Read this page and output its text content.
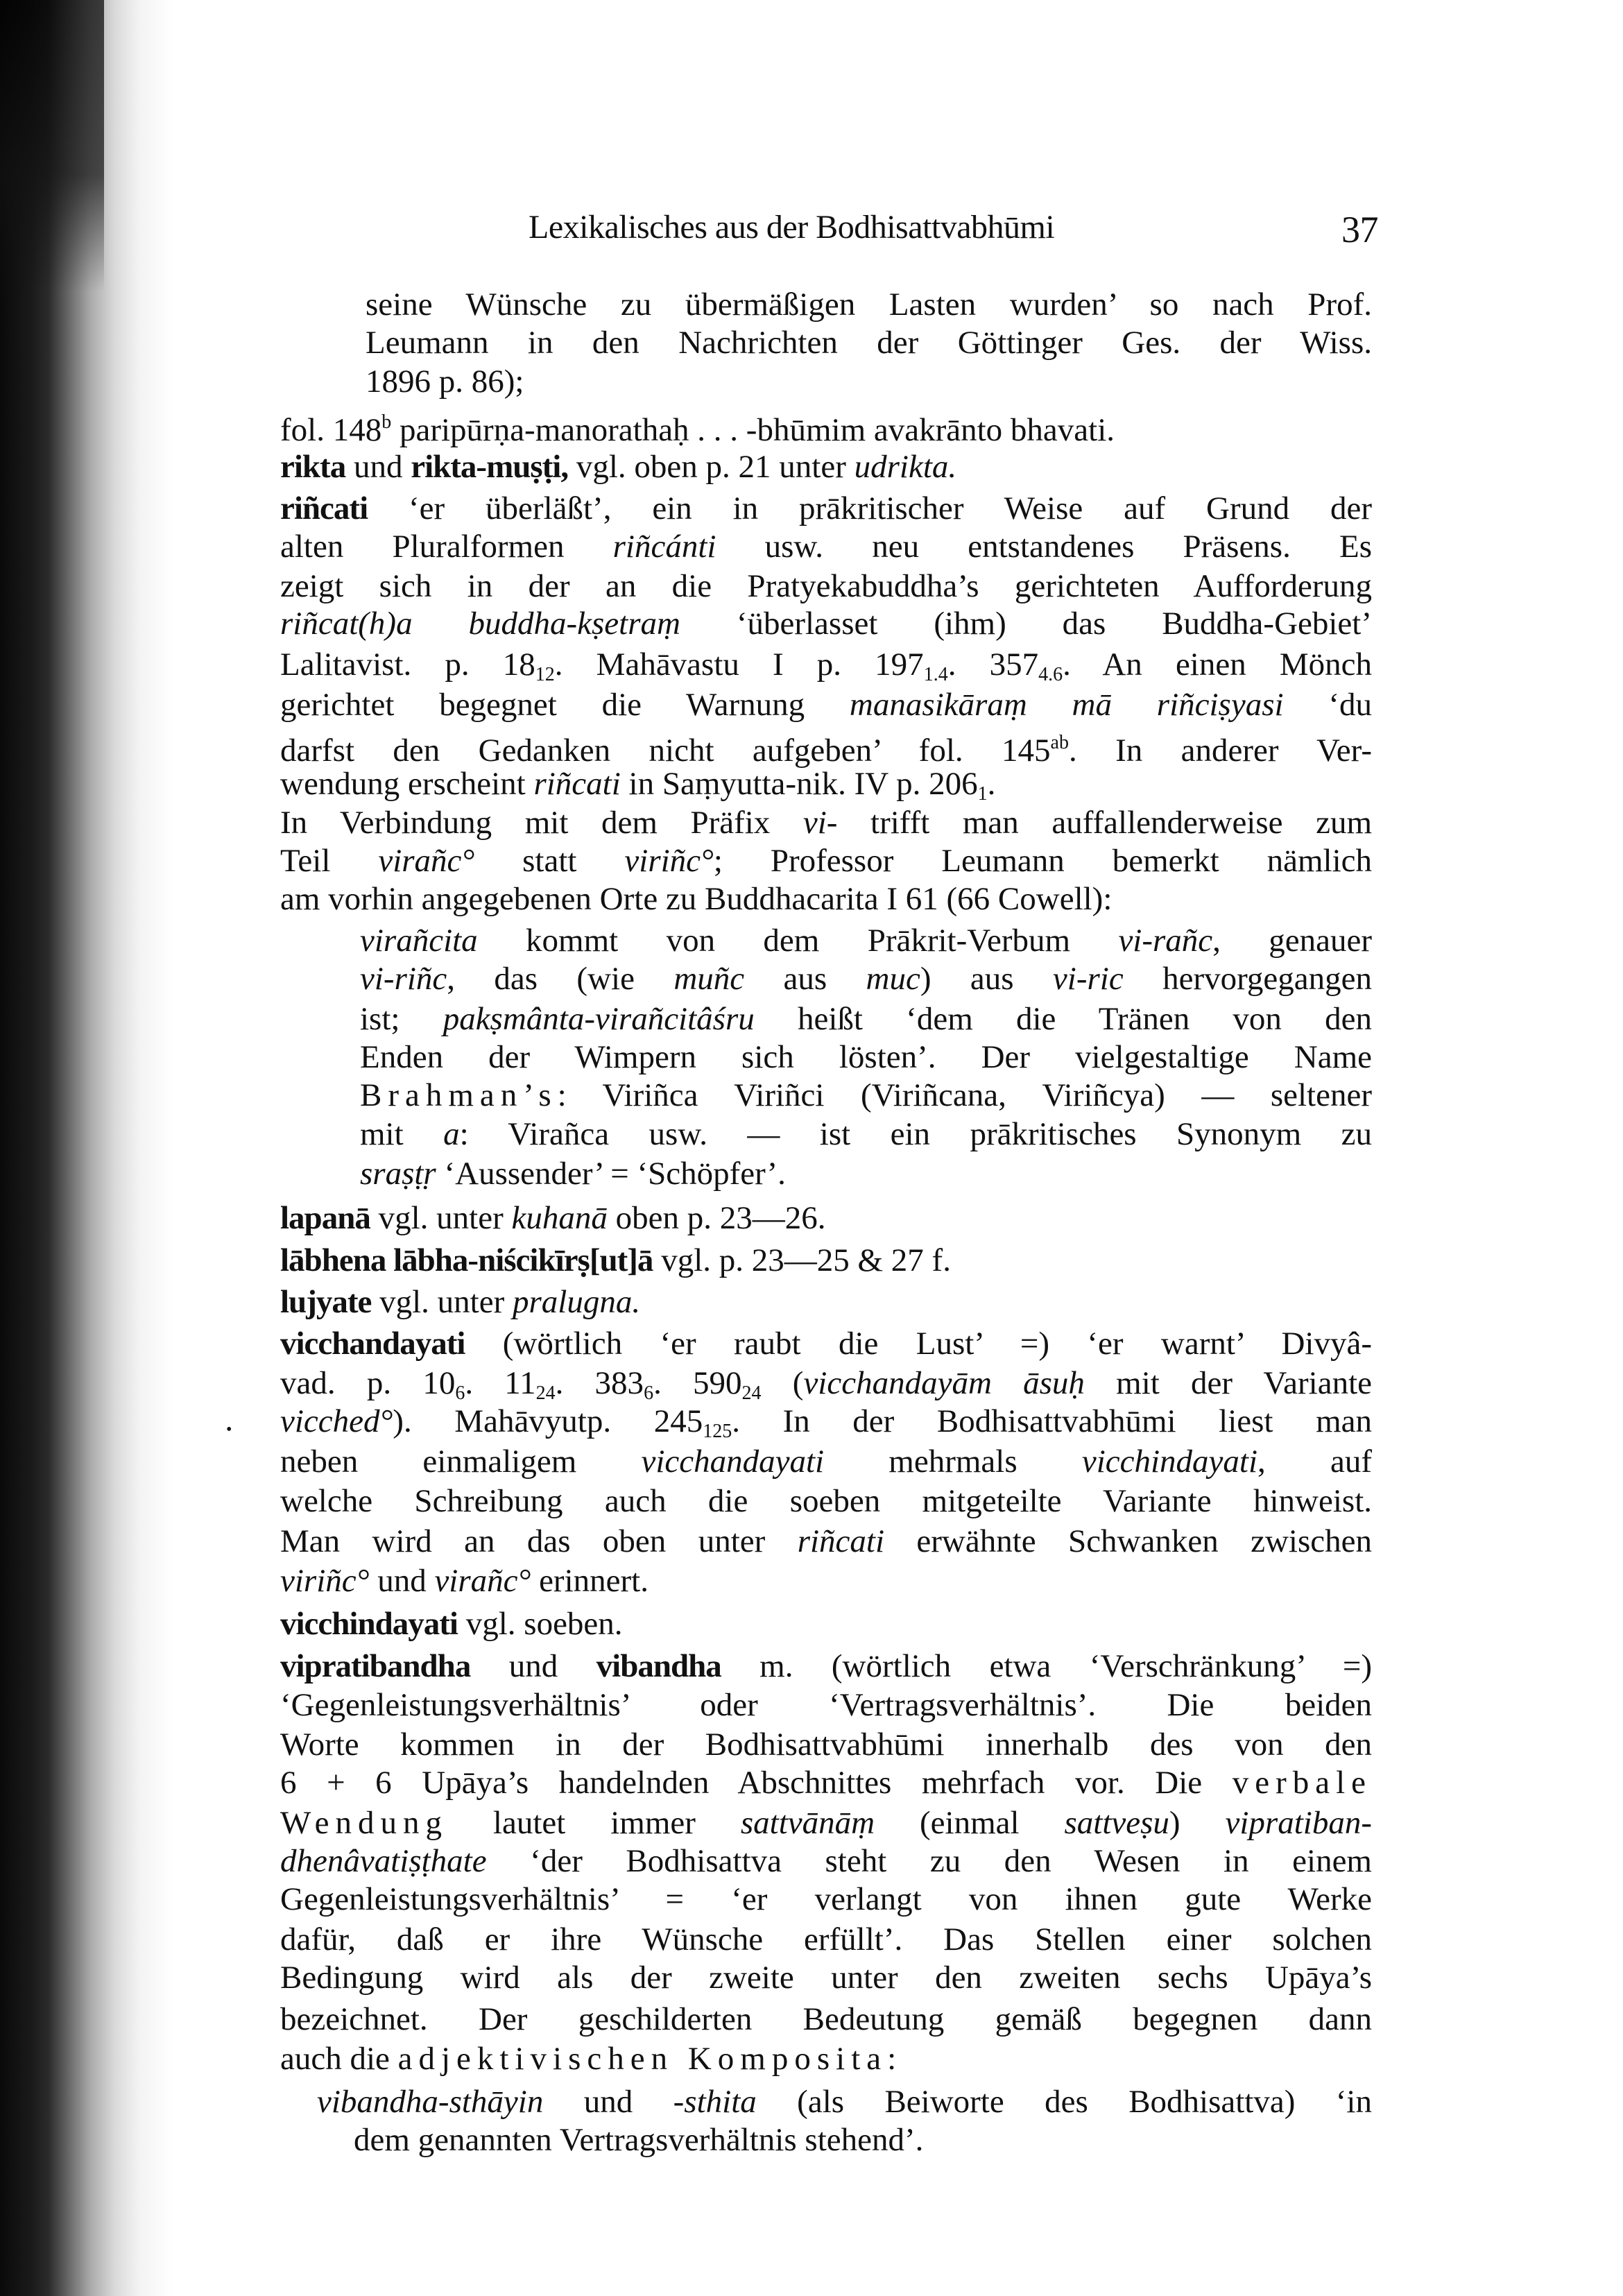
Lexikalisches aus der Bodhisattvabhūmi	37
seine Wünsche zu übermäßigen Lasten wurden’ so nach Prof.
Leumann in den Nachrichten der Göttinger Ges. der Wiss.
1896 p. 86);
fol. 148$^b$ paripūrṇa-manorathaḥ . . . -bhūmim avakrānto bhavati.
rikta und rikta-muṣṭi, vgl. oben p. 21 unter udrikta.
riñcati ‘er überläßt’, ein in prākritischer Weise auf Grund der
alten Pluralformen riñcánti usw. neu entstandenes Präsens. Es
zeigt sich in der an die Pratyekabuddha’s gerichteten Aufforderung
riñcat(h)a buddha-kṣetraṃ ‘überlasset (ihm) das Buddha-Gebiet’
Lalitavist. p. $18_{12}$. Mahāvastu I p. $197_{1.4}$. $357_{4.6}$. An einen Mönch
gerichtet begegnet die Warnung manasikāraṃ mā riñciṣyasi ‘du
darfst den Gedanken nicht aufgeben’ fol. $145^{ab}$. In anderer Ver-
wendung erscheint riñcati in Saṃyutta-nik. IV p. $206_1$.
In Verbindung mit dem Präfix vi- trifft man auffallenderweise zum
Teil virañc° statt viriñc°; Professor Leumann bemerkt nämlich
am vorhin angegebenen Orte zu Buddhacarita I 61 (66 Cowell):
virañcita kommt von dem Prākrit-Verbum vi-rañc, genauer
vi-riñc, das (wie muñc aus muc) aus vi-ric hervorgegangen
ist; pakṣmânta-virañcitâśru heißt ‘dem die Tränen von den
Enden der Wimpern sich lösten’. Der vielgestaltige Name
Brahman’s: Viriñca Viriñci (Viriñcana, Viriñcya) — seltener
mit a: Virañca usw. — ist ein prākritisches Synonym zu
sraṣṭṛ ‘Aussender’ = ‘Schöpfer’.
lapanā vgl. unter kuhanā oben p. 23—26.
lābhena lābha-niścikīrṣ[ut]ā vgl. p. 23—25 & 27 f.
lujyate vgl. unter pralugna.
vicchandayati (wörtlich ‘er raubt die Lust’ =) ‘er warnt’ Divyâ-
vad. p. $10_6$. $11_{24}$. $383_6$. $590_{24}$ (vicchandayām āsuḥ mit der Variante
vicched°). Mahāvyutp. $245_{125}$. In der Bodhisattvabhūmi liest man
neben einmaligem vicchandayati mehrmals vicchindayati, auf
welche Schreibung auch die soeben mitgeteilte Variante hinweist.
Man wird an das oben unter riñcati erwähnte Schwanken zwischen
viriñc° und virañc° erinnert.
vicchindayati vgl. soeben.
vipratibandha und vibandha m. (wörtlich etwa ‘Verschränkung’ =)
‘Gegenleistungsverhältnis’ oder ‘Vertragsverhältnis’. Die beiden
Worte kommen in der Bodhisattvabhūmi innerhalb des von den
6 + 6 Upāya’s handelnden Abschnittes mehrfach vor. Die verbale
Wendung lautet immer sattvānāṃ (einmal sattveṣu) vipratiban-
dhenâvatiṣṭhate ‘der Bodhisattva steht zu den Wesen in einem
Gegenleistungsverhältnis’ = ‘er verlangt von ihnen gute Werke
dafür, daß er ihre Wünsche erfüllt’. Das Stellen einer solchen
Bedingung wird als der zweite unter den zweiten sechs Upāya’s
bezeichnet. Der geschilderten Bedeutung gemäß begegnen dann
auch die adjektivischen Komposita:
vibandha-sthāyin und -sthita (als Beiworte des Bodhisattva) ‘in
dem genannten Vertragsverhältnis stehend’.
•
